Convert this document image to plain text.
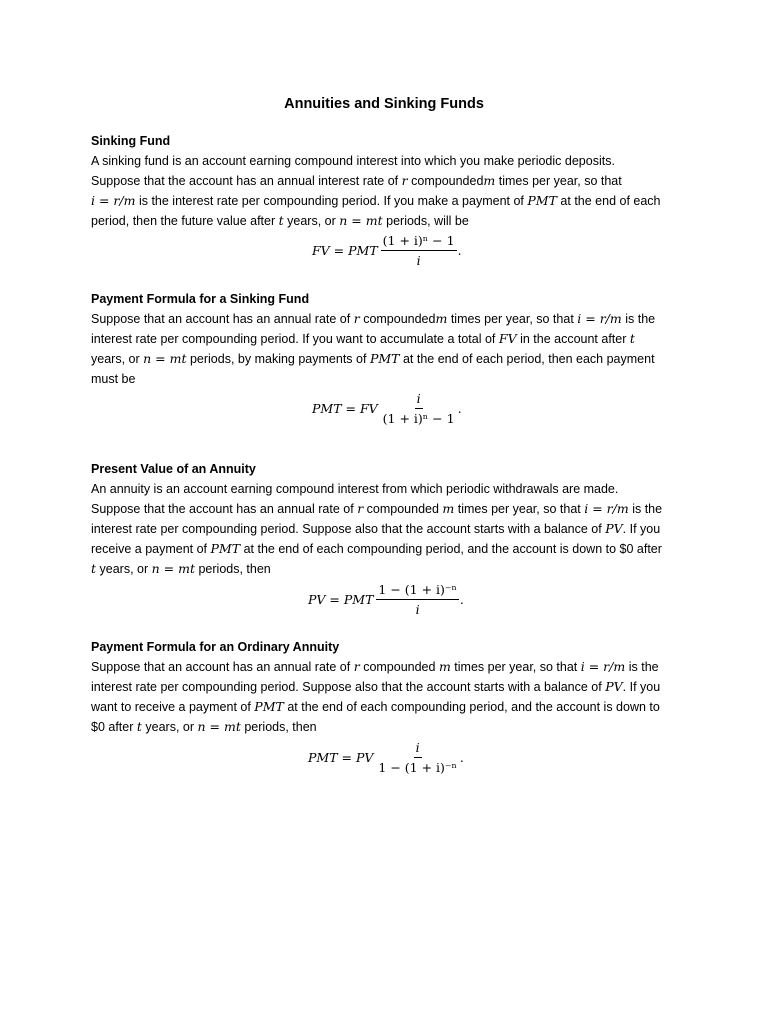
Annuities and Sinking Funds
Sinking Fund
A sinking fund is an account earning compound interest into which you make periodic deposits.
Suppose that the account has an annual interest rate of r compoundedm times per year, so that
i = r/m is the interest rate per compounding period. If you make a payment of PMT at the end of each
period, then the future value after t years, or n = mt periods, will be
FV = PMT $\frac{\text{(1 + i)ⁿ − 1}}{i}$ .
Payment Formula for a Sinking Fund
Suppose that an account has an annual rate of r compoundedm times per year, so that i = r/m is the
interest rate per compounding period. If you want to accumulate a total of FV in the account after t
years, or n = mt periods, by making payments of PMT at the end of each period, then each payment
must be
PMT = FV $\frac{i}{\text{(1 + i)ⁿ − 1}}$ .
Present Value of an Annuity
An annuity is an account earning compound interest from which periodic withdrawals are made.
Suppose that the account has an annual rate of r compounded m times per year, so that i = r/m is the
interest rate per compounding period. Suppose also that the account starts with a balance of PV. If you
receive a payment of PMT at the end of each compounding period, and the account is down to $0 after
t years, or n = mt periods, then
PV = PMT $\frac{\text{1 − (1 + i)⁻ⁿ}}{i}$ .
Payment Formula for an Ordinary Annuity
Suppose that an account has an annual rate of r compounded m times per year, so that i = r/m is the
interest rate per compounding period. Suppose also that the account starts with a balance of PV. If you
want to receive a payment of PMT at the end of each compounding period, and the account is down to
$0 after t years, or n = mt periods, then
PMT = PV $\frac{i}{\text{1 − (1 + i)⁻ⁿ}}$ .
